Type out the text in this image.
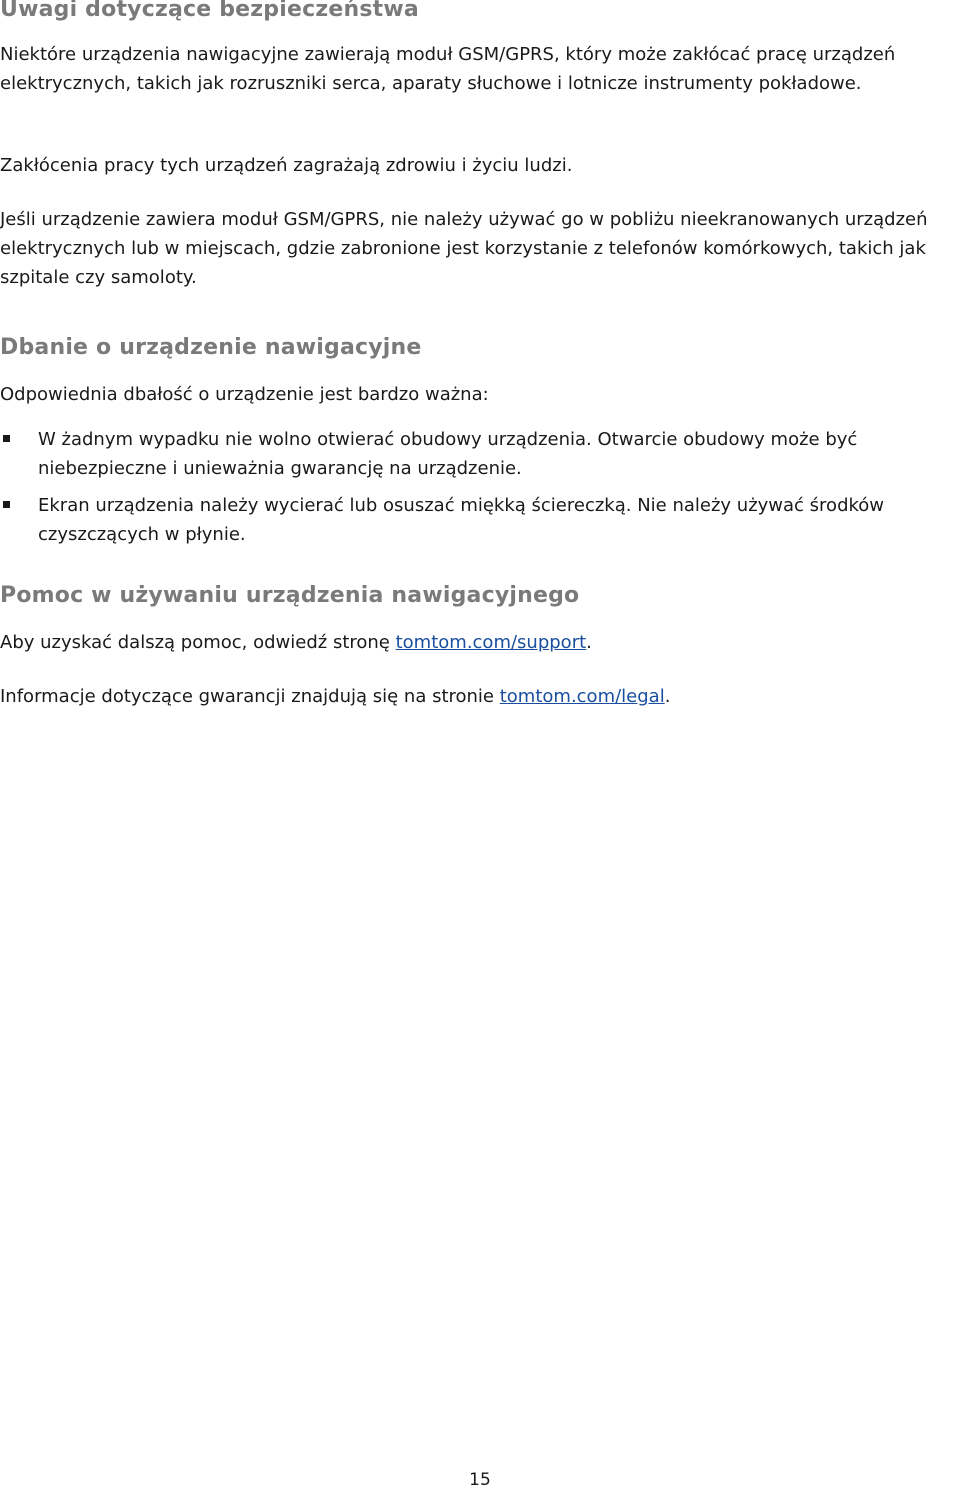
Uwagi dotyczące bezpieczeństwa

Niektóre urządzenia nawigacyjne zawierają moduł GSM/GPRS, który może zakłócać pracę urządzeń elektrycznych, takich jak rozruszniki serca, aparaty słuchowe i lotnicze instrumenty pokładowe.

Zakłócenia pracy tych urządzeń zagrażają zdrowiu i życiu ludzi.

Jeśli urządzenie zawiera moduł GSM/GPRS, nie należy używać go w pobliżu nieekranowanych urządzeń elektrycznych lub w miejscach, gdzie zabronione jest korzystanie z telefonów komórkowych, takich jak szpitale czy samoloty.

Dbanie o urządzenie nawigacyjne

Odpowiednia dbałość o urządzenie jest bardzo ważna:

W żadnym wypadku nie wolno otwierać obudowy urządzenia. Otwarcie obudowy może być niebezpieczne i unieważnia gwarancję na urządzenie.
Ekran urządzenia należy wycierać lub osuszać miękką ściereczką. Nie należy używać środków czyszczących w płynie.
Pomoc w używaniu urządzenia nawigacyjnego

Aby uzyskać dalszą pomoc, odwiedź stronę tomtom.com/support.

Informacje dotyczące gwarancji znajdują się na stronie tomtom.com/legal.

15
